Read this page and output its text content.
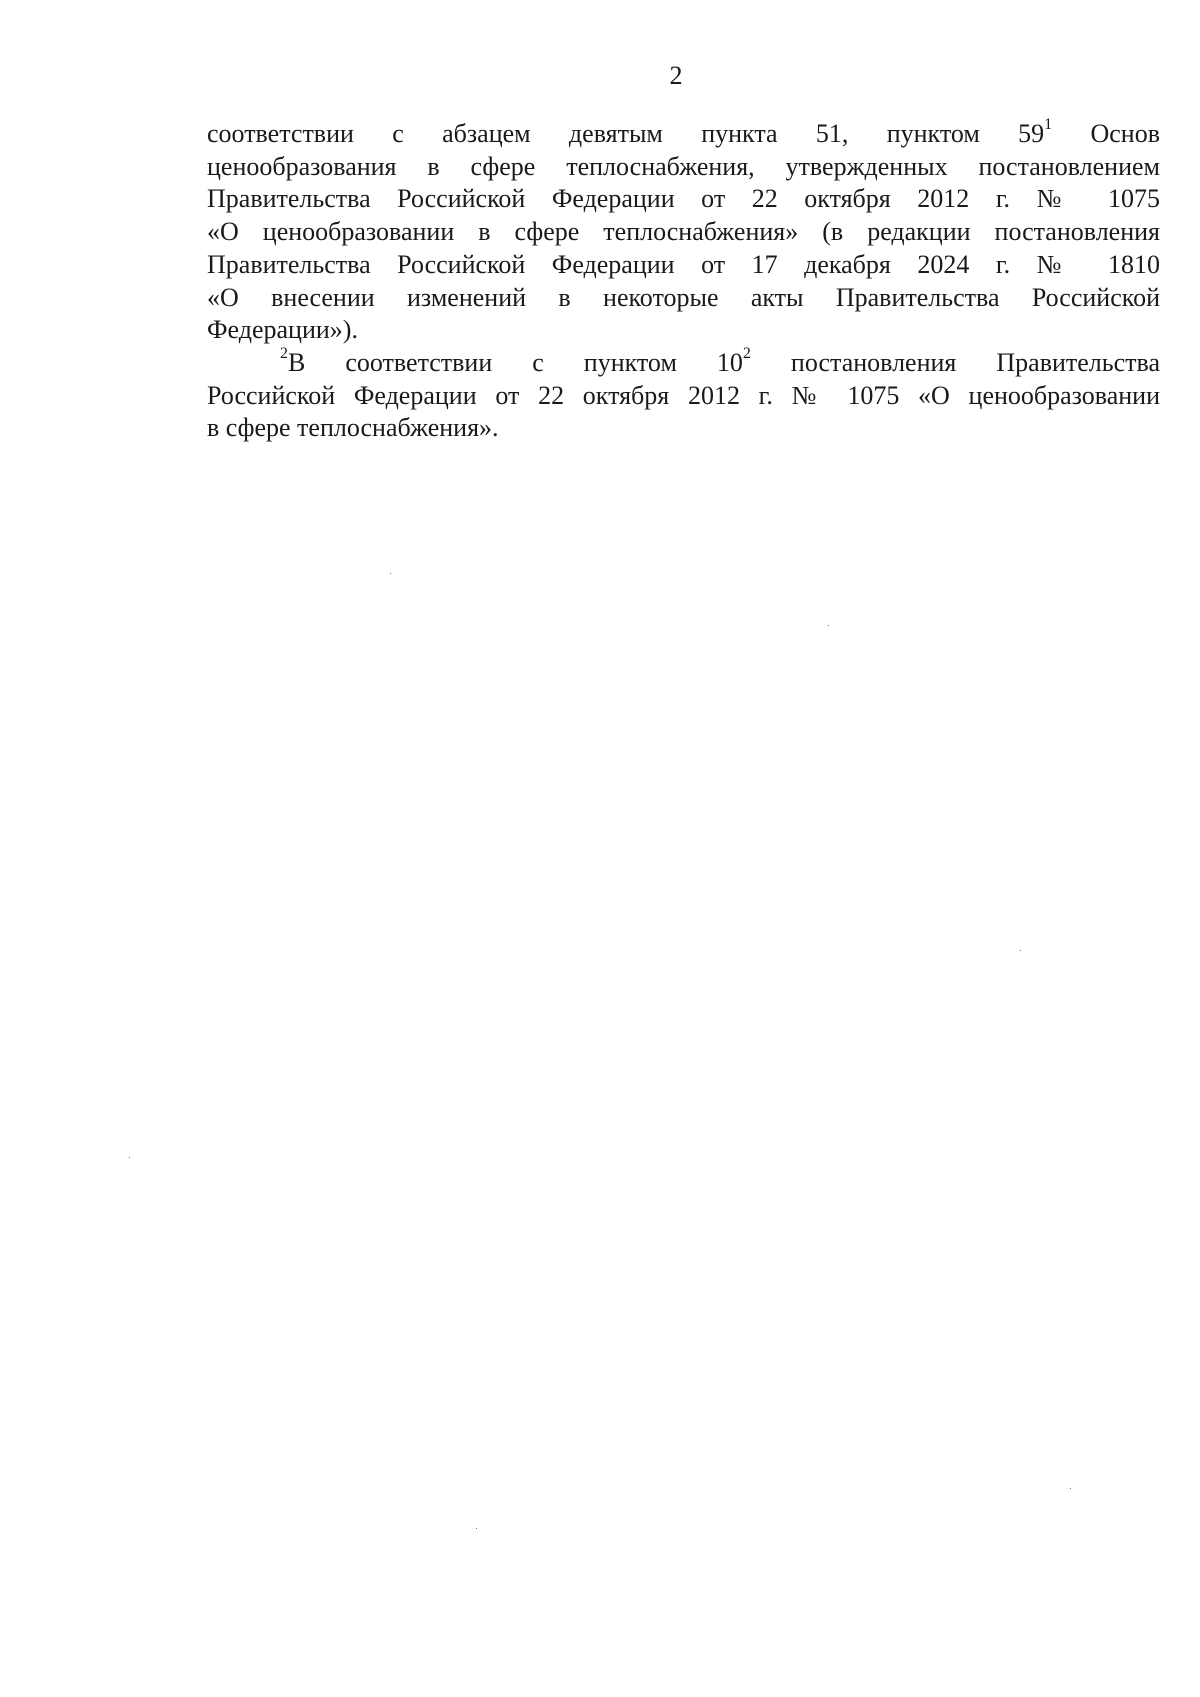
2
соответствии с абзацем девятым пункта 51, пунктом $59^1$ Основ
ценообразования в сфере теплоснабжения, утвержденных постановлением
Правительства Российской Федерации от 22 октября 2012 г. № 1075
«О ценообразовании в сфере теплоснабжения» (в редакции постановления
Правительства Российской Федерации от 17 декабря 2024 г. № 1810
«О внесении изменений в некоторые акты Правительства Российской
Федерации»).
$^2$В соответствии с пунктом $10^2$ постановления Правительства
Российской Федерации от 22 октября 2012 г. № 1075 «О ценообразовании
в сфере теплоснабжения».
